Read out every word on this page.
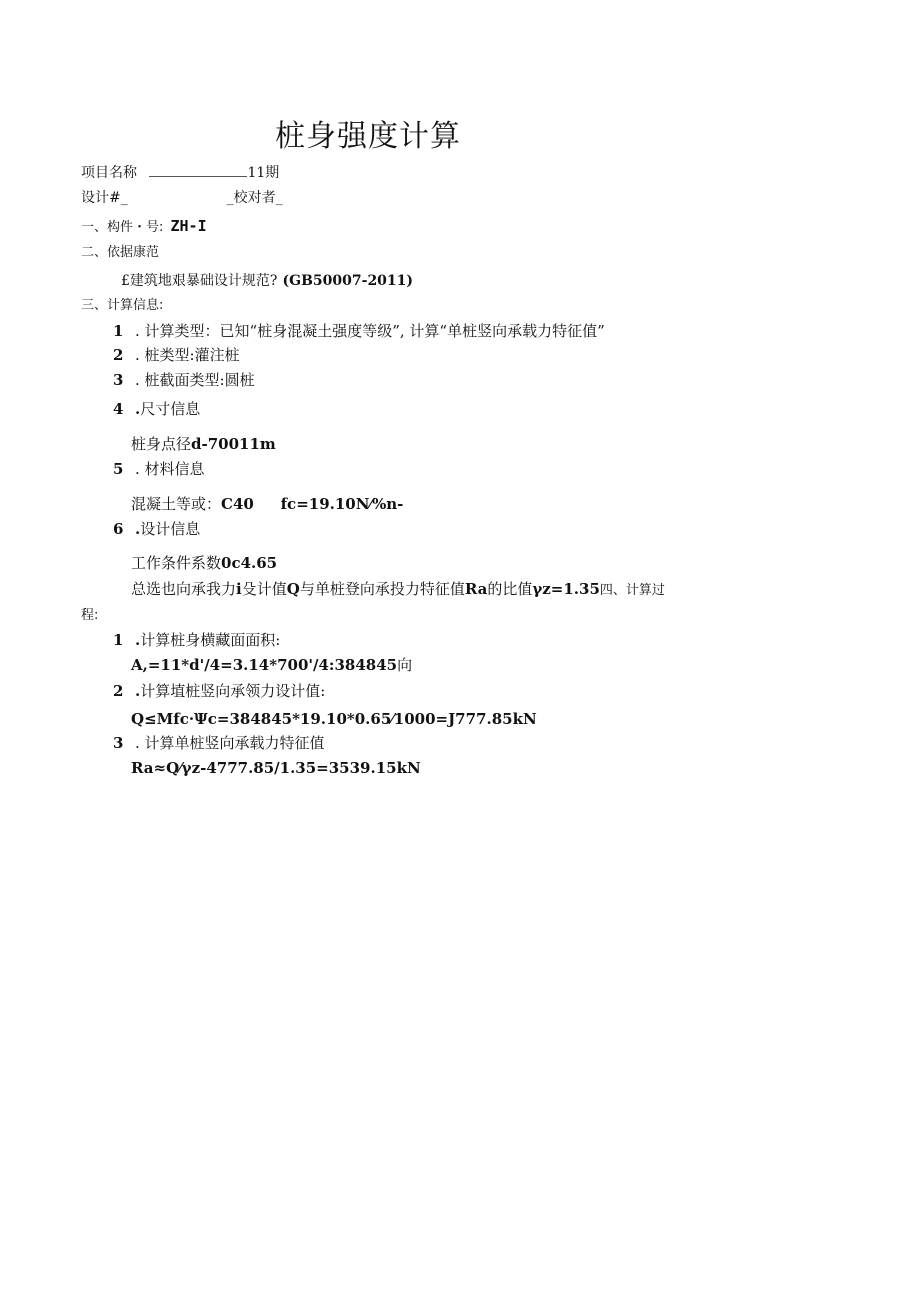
桩身强度计算
项目名称	11期
设计#_	_校对者_
一、构件・号: ZH-I
二、依据康范
£建筑地艰暴础设计规范? (GB50007-2011)
三、计算信息:
1 . 计算类型：已知“桩身混凝土强度等级”, 计算“单桩竖向承载力特征值”
2 . 桩类型:灌注桩
3 . 桩截面类型:圆桩
4 .尺寸信息
桩身点径d-70011m
5 . 材料信息
混凝土等或：C40 fc=19.10N⁄%n-
6 .设计信息
工作条件系数0c4.65
总选也向承我力i殳计值Q与单桩登向承投力特征值Ra的比值γz=1.35四、计算过
程:
1 .计算桩身横藏面面积:
A,=11*d'/4=3.14*700'/4:384845向
2 .计算埴桩竖向承领力设计值:
Q≤Mfc·Ψc=384845*19.10*0.65⁄1000=J777.85kN
3 . 计算单桩竖向承载力特征值
Ra≈Q⁄γz-4777.85/1.35=3539.15kN
